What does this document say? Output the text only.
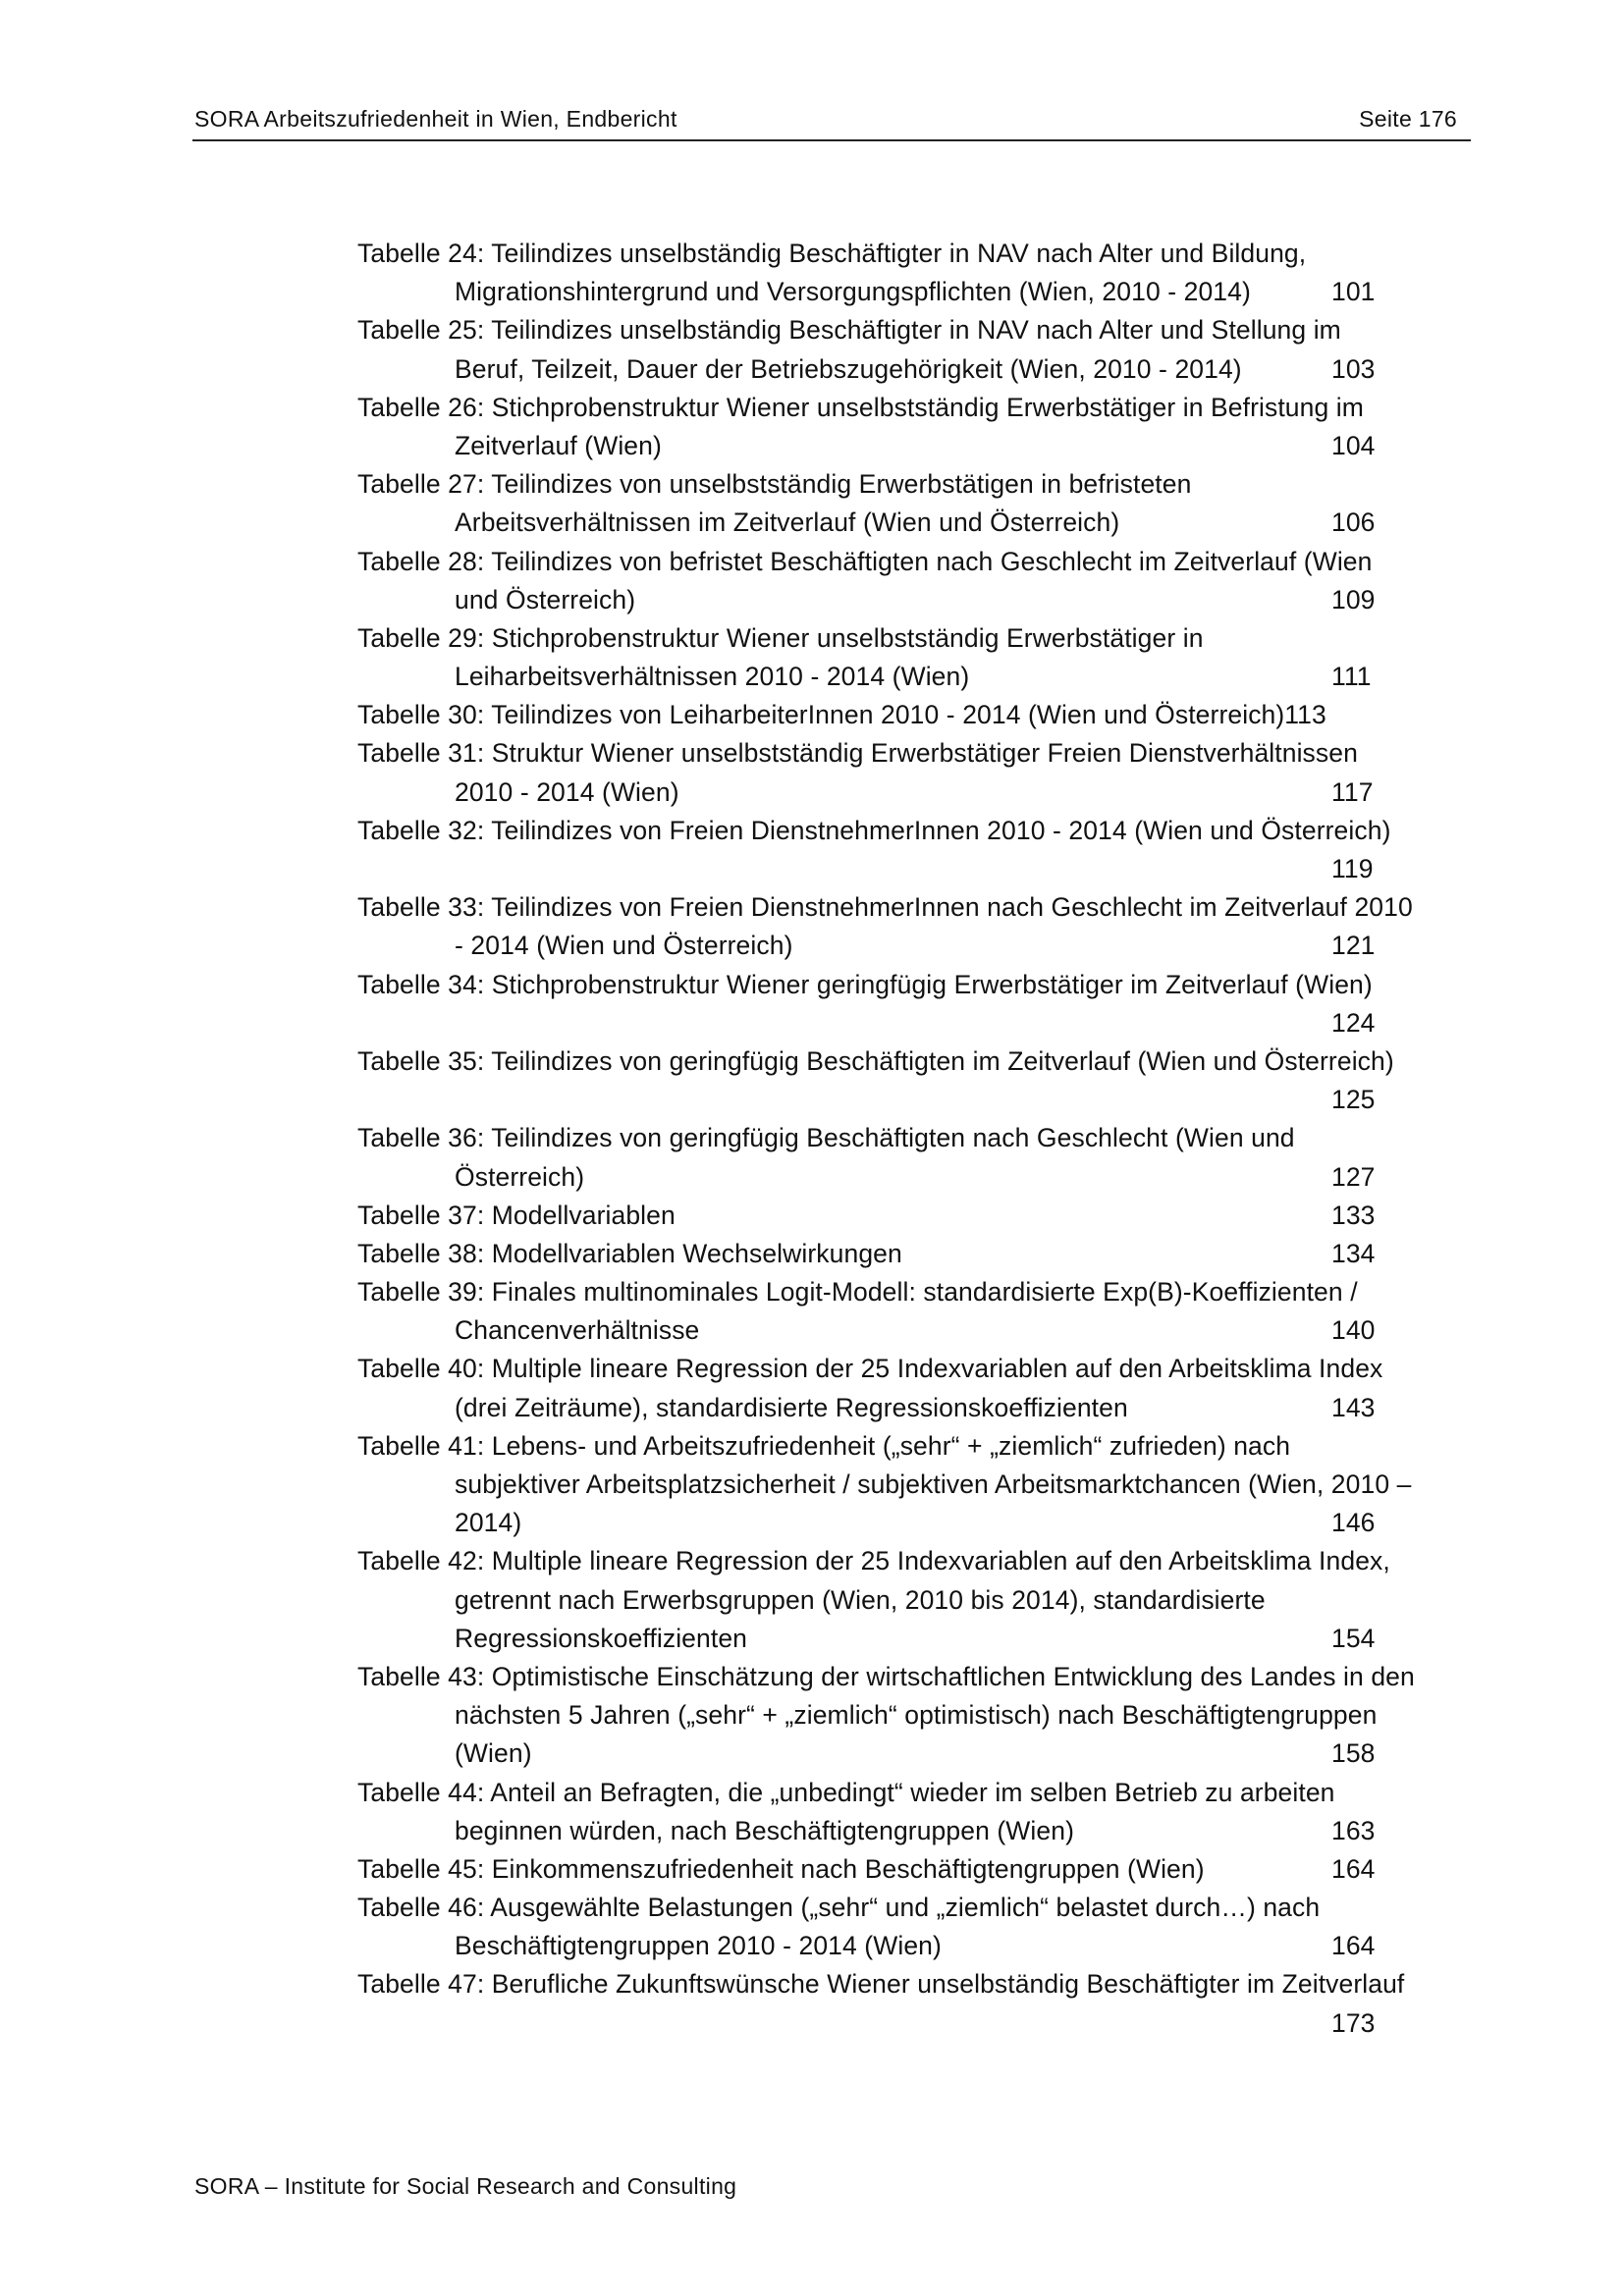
SORA Arbeitszufriedenheit in Wien, Endbericht	Seite 176
Tabelle 24: Teilindizes unselbständig Beschäftigter in NAV nach Alter und Bildung,
Migrationshintergrund und Versorgungspflichten (Wien, 2010 - 2014)	101
Tabelle 25: Teilindizes unselbständig Beschäftigter in NAV nach Alter und Stellung im
Beruf, Teilzeit, Dauer der Betriebszugehörigkeit (Wien, 2010 - 2014)	103
Tabelle 26: Stichprobenstruktur Wiener unselbstständig Erwerbstätiger in Befristung im
Zeitverlauf (Wien)	104
Tabelle 27: Teilindizes von unselbstständig Erwerbstätigen in befristeten
Arbeitsverhältnissen im Zeitverlauf (Wien und Österreich)	106
Tabelle 28: Teilindizes von befristet Beschäftigten nach Geschlecht im Zeitverlauf (Wien
und Österreich)	109
Tabelle 29: Stichprobenstruktur Wiener unselbstständig Erwerbstätiger in
Leiharbeitsverhältnissen 2010 - 2014 (Wien)	111
Tabelle 30: Teilindizes von LeiharbeiterInnen 2010 - 2014 (Wien und Österreich)113
Tabelle 31: Struktur Wiener unselbstständig Erwerbstätiger Freien Dienstverhältnissen
2010 - 2014 (Wien)	117
Tabelle 32: Teilindizes von Freien DienstnehmerInnen 2010 - 2014 (Wien und Österreich)
119
Tabelle 33: Teilindizes von Freien DienstnehmerInnen nach Geschlecht im Zeitverlauf 2010
- 2014 (Wien und Österreich)	121
Tabelle 34: Stichprobenstruktur Wiener geringfügig Erwerbstätiger im Zeitverlauf (Wien)
124
Tabelle 35: Teilindizes von geringfügig Beschäftigten im Zeitverlauf (Wien und Österreich)
125
Tabelle 36: Teilindizes von geringfügig Beschäftigten nach Geschlecht (Wien und
Österreich)	127
Tabelle 37: Modellvariablen	133
Tabelle 38: Modellvariablen Wechselwirkungen	134
Tabelle 39: Finales multinominales Logit-Modell: standardisierte Exp(B)-Koeffizienten /
Chancenverhältnisse	140
Tabelle 40: Multiple lineare Regression der 25 Indexvariablen auf den Arbeitsklima Index
(drei Zeiträume), standardisierte Regressionskoeffizienten	143
Tabelle 41: Lebens- und Arbeitszufriedenheit („sehr“ + „ziemlich“ zufrieden) nach
subjektiver Arbeitsplatzsicherheit / subjektiven Arbeitsmarktchancen (Wien, 2010 –
2014)	146
Tabelle 42: Multiple lineare Regression der 25 Indexvariablen auf den Arbeitsklima Index,
getrennt nach Erwerbsgruppen (Wien, 2010 bis 2014), standardisierte
Regressionskoeffizienten	154
Tabelle 43: Optimistische Einschätzung der wirtschaftlichen Entwicklung des Landes in den
nächsten 5 Jahren („sehr“ + „ziemlich“ optimistisch) nach Beschäftigtengruppen
(Wien)	158
Tabelle 44: Anteil an Befragten, die „unbedingt“ wieder im selben Betrieb zu arbeiten
beginnen würden, nach Beschäftigtengruppen (Wien)	163
Tabelle 45: Einkommenszufriedenheit nach Beschäftigtengruppen (Wien)	164
Tabelle 46: Ausgewählte Belastungen („sehr“ und „ziemlich“ belastet durch…) nach
Beschäftigtengruppen 2010 - 2014 (Wien)	164
Tabelle 47: Berufliche Zukunftswünsche Wiener unselbständig Beschäftigter im Zeitverlauf
173
SORA – Institute for Social Research and Consulting
